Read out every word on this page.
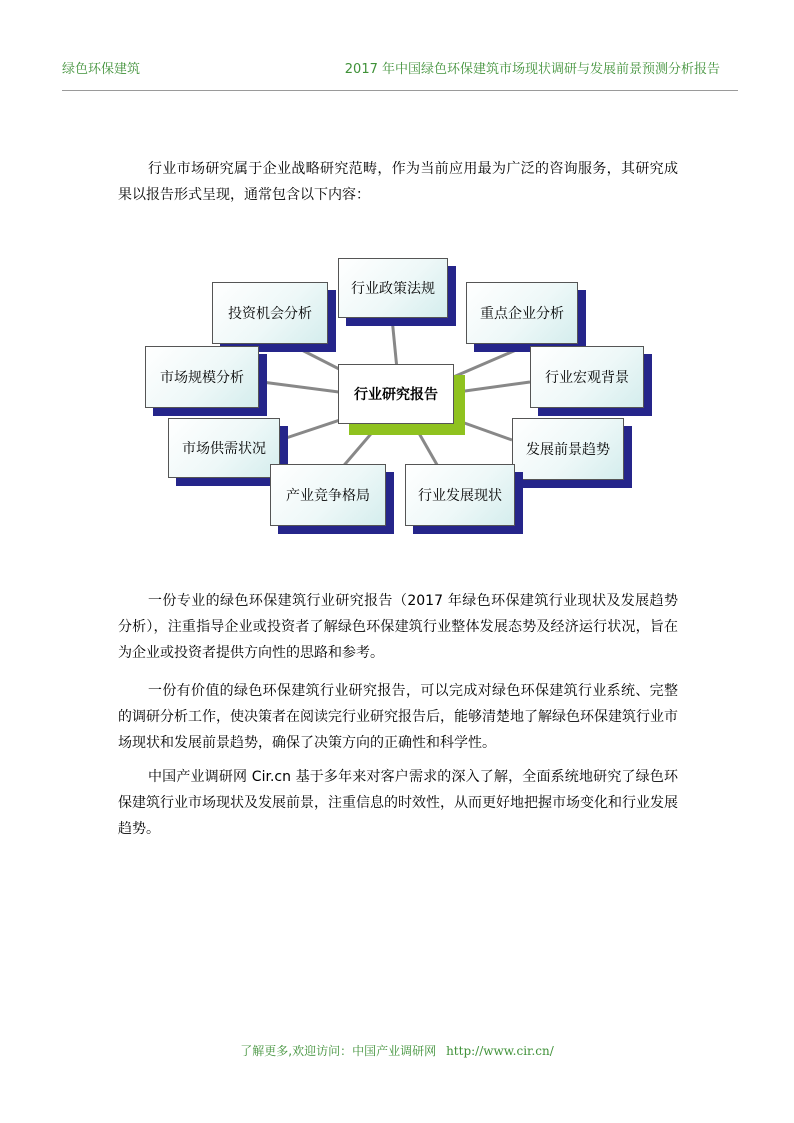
绿色环保建筑	2017 年中国绿色环保建筑市场现状调研与发展前景预测分析报告

行业市场研究属于企业战略研究范畴，作为当前应用最为广泛的咨询服务，其研究成果以报告形式呈现，通常包含以下内容：

行业政策法规
投资机会分析	重点企业分析
市场规模分析	行业宏观背景
市场供需状况	发展前景趋势
产业竞争格局	行业发展现状
行业研究报告

一份专业的绿色环保建筑行业研究报告（2017 年绿色环保建筑行业现状及发展趋势分析），注重指导企业或投资者了解绿色环保建筑行业整体发展态势及经济运行状况，旨在为企业或投资者提供方向性的思路和参考。

一份有价值的绿色环保建筑行业研究报告，可以完成对绿色环保建筑行业系统、完整的调研分析工作，使决策者在阅读完行业研究报告后，能够清楚地了解绿色环保建筑行业市场现状和发展前景趋势，确保了决策方向的正确性和科学性。

中国产业调研网 Cir.cn 基于多年来对客户需求的深入了解，全面系统地研究了绿色环保建筑行业市场现状及发展前景，注重信息的时效性，从而更好地把握市场变化和行业发展趋势。

了解更多,欢迎访问：中国产业调研网 http://www.cir.cn/
